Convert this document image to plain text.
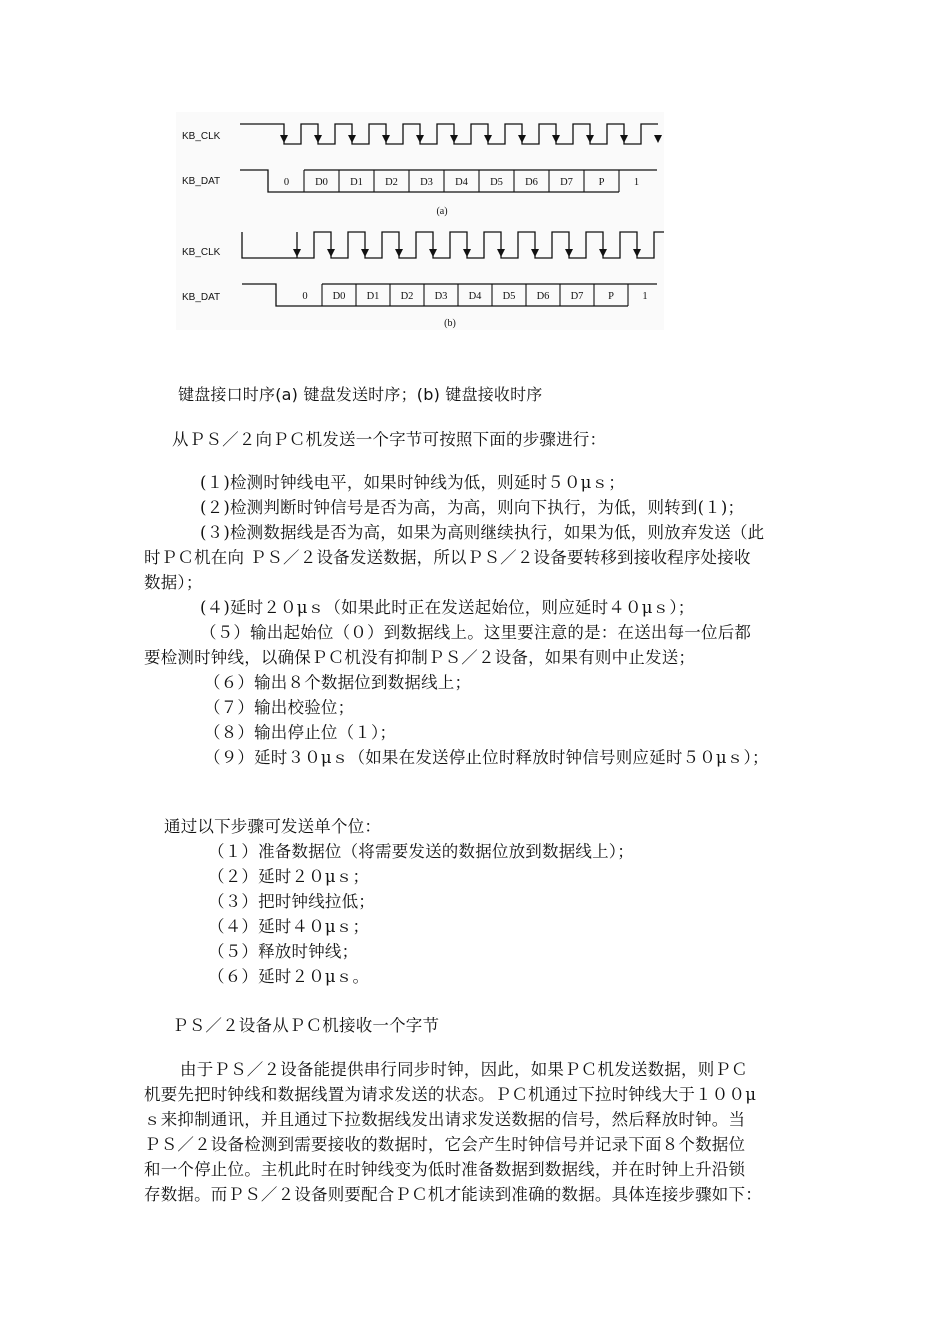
KB_CLK
KB_DAT	0 D0 D1 D2 D3 D4 D5 D6 D7 P	1
(a)
KB_CLK
KB_DAT	0 D0 D1 D2 D3 D4 D5 D6 D7 P	1
(b)
键盘接口时序(a) 键盘发送时序；(b) 键盘接收时序
从ＰＳ／２向ＰＣ机发送一个字节可按照下面的步骤进行：
(１)检测时钟线电平，如果时钟线为低，则延时５０μｓ；
(２)检测判断时钟信号是否为高，为高，则向下执行，为低，则转到(１)；
(３)检测数据线是否为高，如果为高则继续执行，如果为低，则放弃发送（此
时ＰＣ机在向 ＰＳ／２设备发送数据，所以ＰＳ／２设备要转移到接收程序处接收
数据）；
(４)延时２０μｓ（如果此时正在发送起始位，则应延时４０μｓ）；
（５）输出起始位（０）到数据线上。这里要注意的是：在送出每一位后都
要检测时钟线，以确保ＰＣ机没有抑制ＰＳ／２设备，如果有则中止发送；
（６）输出８个数据位到数据线上；
（７）输出校验位；
（８）输出停止位（１）；
（９）延时３０μｓ（如果在发送停止位时释放时钟信号则应延时５０μｓ）；
通过以下步骤可发送单个位：
（１）准备数据位（将需要发送的数据位放到数据线上）；
（２）延时２０μｓ；
（３）把时钟线拉低；
（４）延时４０μｓ；
（５）释放时钟线；
（６）延时２０μｓ。
ＰＳ／２设备从ＰＣ机接收一个字节
由于ＰＳ／２设备能提供串行同步时钟，因此，如果ＰＣ机发送数据，则ＰＣ
机要先把时钟线和数据线置为请求发送的状态。ＰＣ机通过下拉时钟线大于１００μ
ｓ来抑制通讯，并且通过下拉数据线发出请求发送数据的信号，然后释放时钟。当
ＰＳ／２设备检测到需要接收的数据时，它会产生时钟信号并记录下面８个数据位
和一个停止位。主机此时在时钟线变为低时准备数据到数据线，并在时钟上升沿锁
存数据。而ＰＳ／２设备则要配合ＰＣ机才能读到准确的数据。具体连接步骤如下：
